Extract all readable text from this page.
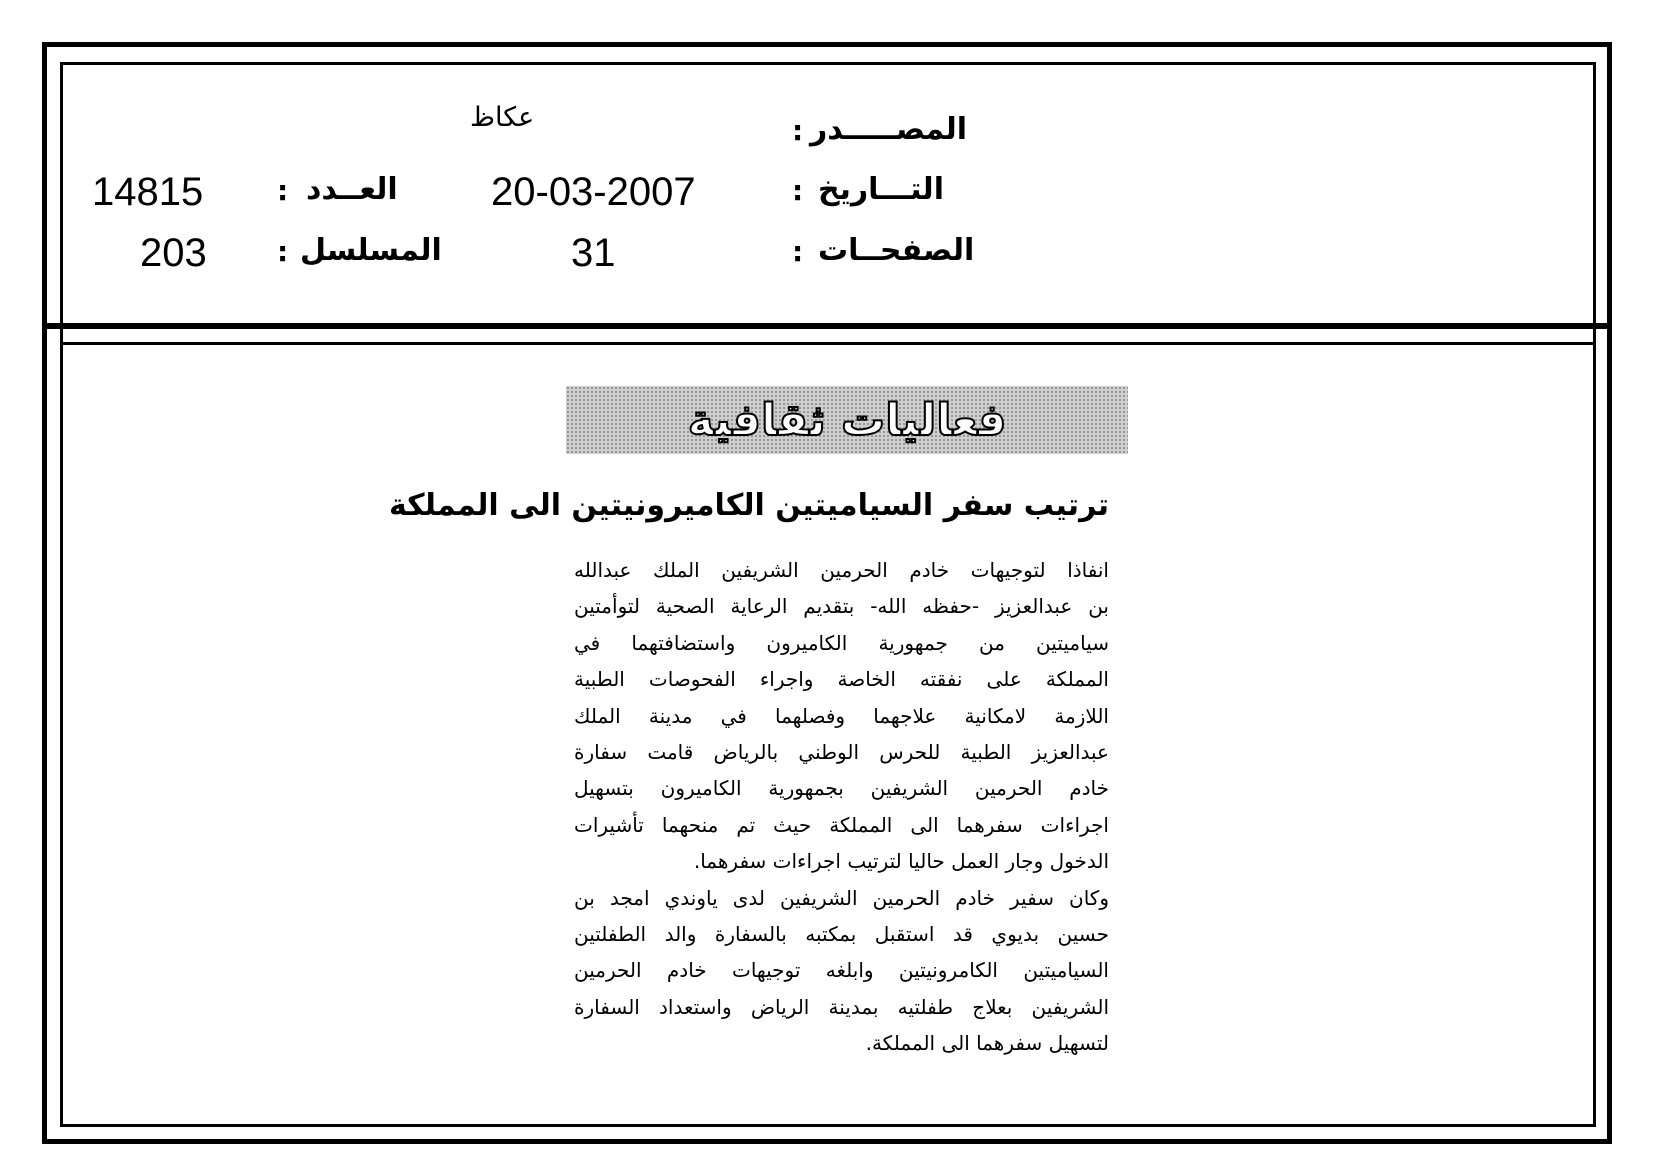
المصـــــدر
:
عكاظ
التـــاريخ
:
20-03-2007
العــدد
:
14815
الصفحــات
:
31
المسلسل
:
203
فعاليات ثقافية
ترتيب سفر السياميتين الكاميرونيتين الى المملكة
انفاذا لتوجيهات خادم الحرمين الشريفين الملك عبدالله
بن عبدالعزيز -حفظه الله- بتقديم الرعاية الصحية لتوأمتين
سياميتين من جمهورية الكاميرون واستضافتهما في
المملكة على نفقته الخاصة واجراء الفحوصات الطبية
اللازمة لامكانية علاجهما وفصلهما في مدينة الملك
عبدالعزيز الطبية للحرس الوطني بالرياض قامت سفارة
خادم الحرمين الشريفين بجمهورية الكاميرون بتسهيل
اجراءات سفرهما الى المملكة حيث تم منحهما تأشيرات
الدخول وجار العمل حاليا لترتيب اجراءات سفرهما.
وكان سفير خادم الحرمين الشريفين لدى ياوندي امجد بن
حسين بديوي قد استقبل بمكتبه بالسفارة والد الطفلتين
السياميتين الكامرونيتين وابلغه توجيهات خادم الحرمين
الشريفين بعلاج طفلتيه بمدينة الرياض واستعداد السفارة
لتسهيل سفرهما الى المملكة.
